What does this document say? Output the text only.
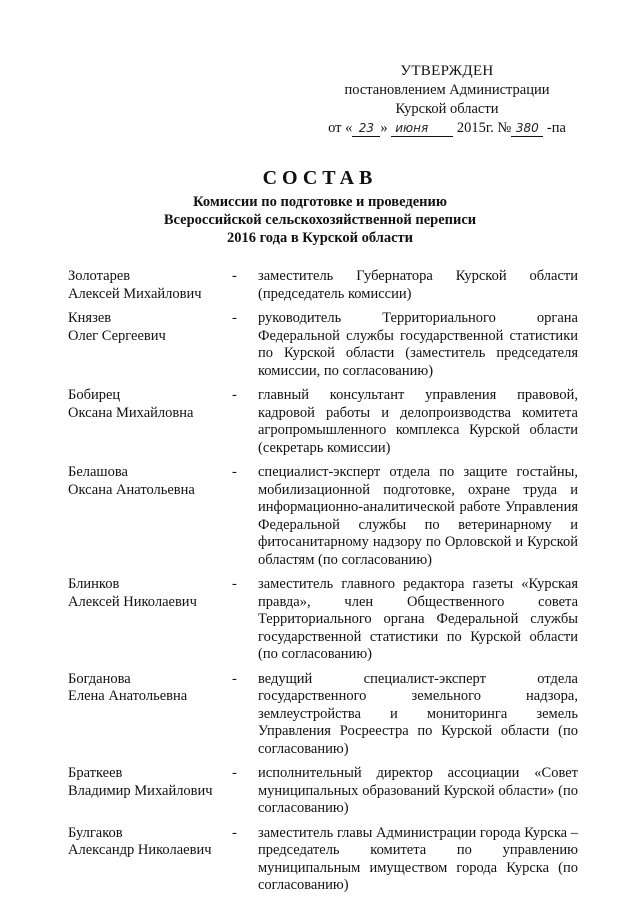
УТВЕРЖДЕН
постановлением Администрации
Курской области
от « 23 » июня 2015г. № 380 -па
СОСТАВ
Комиссии по подготовке и проведению
Всероссийской сельскохозяйственной переписи
2016 года в Курской области
Золотарев
Алексей Михайлович
-	заместитель Губернатора Курской области (председатель комиссии)
Князев
Олег Сергеевич
-	руководитель Территориального органа Федеральной службы государственной статистики по Курской области (заместитель председателя комиссии, по согласованию)
Бобирец
Оксана Михайловна
-	главный консультант управления правовой, кадровой работы и делопроизводства комитета агропромышленного комплекса Курской области (секретарь комиссии)
Белашова
Оксана Анатольевна
-	специалист-эксперт отдела по защите гостайны, мобилизационной подготовке, охране труда и информационно-аналитической работе Управления Федеральной службы по ветеринарному и фитосанитарному надзору по Орловской и Курской областям (по согласованию)
Блинков
Алексей Николаевич
-	заместитель главного редактора газеты «Курская правда», член Общественного совета Территориального органа Федеральной службы государственной статистики по Курской области (по согласованию)
Богданова
Елена Анатольевна
-	ведущий специалист-эксперт отдела государственного земельного надзора, землеустройства и мониторинга земель Управления Росреестра по Курской области (по согласованию)
Браткеев
Владимир Михайлович
-	исполнительный директор ассоциации «Совет муниципальных образований Курской области» (по согласованию)
Булгаков
Александр Николаевич
-	заместитель главы Администрации города Курска – председатель комитета по управлению муниципальным имуществом города Курска (по согласованию)
